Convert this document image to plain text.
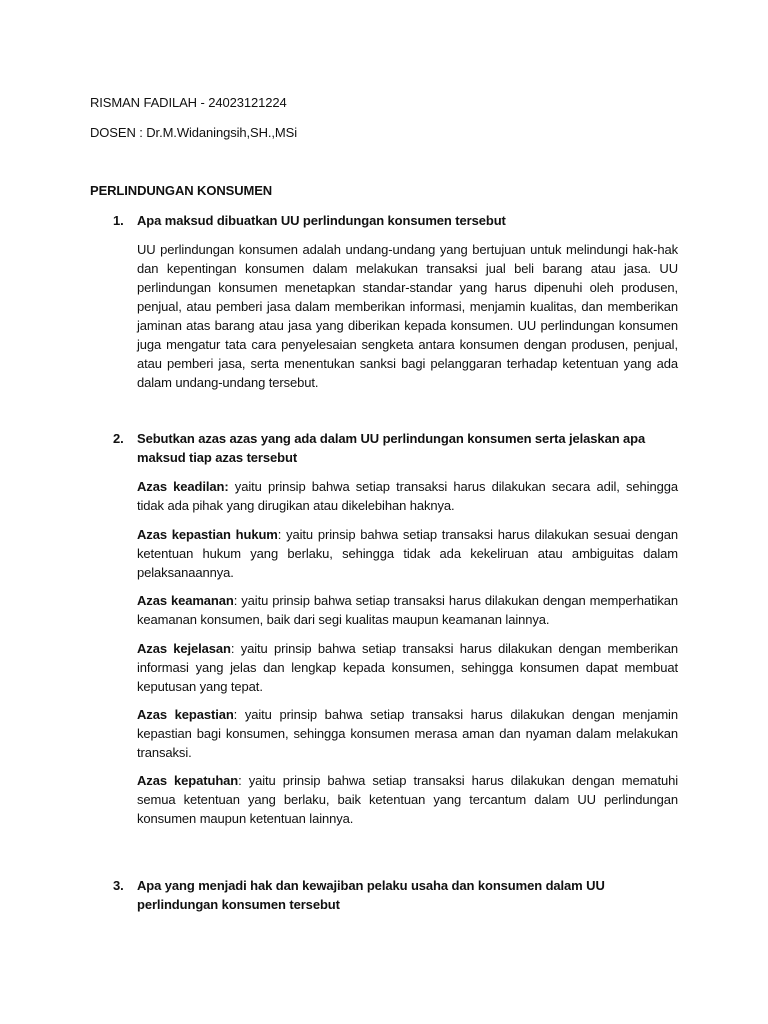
RISMAN FADILAH - 24023121224
DOSEN : Dr.M.Widaningsih,SH.,MSi
PERLINDUNGAN KONSUMEN
1. Apa maksud dibuatkan UU perlindungan konsumen tersebut
UU perlindungan konsumen adalah undang-undang yang bertujuan untuk melindungi hak-hak dan kepentingan konsumen dalam melakukan transaksi jual beli barang atau jasa. UU perlindungan konsumen menetapkan standar-standar yang harus dipenuhi oleh produsen, penjual, atau pemberi jasa dalam memberikan informasi, menjamin kualitas, dan memberikan jaminan atas barang atau jasa yang diberikan kepada konsumen. UU perlindungan konsumen juga mengatur tata cara penyelesaian sengketa antara konsumen dengan produsen, penjual, atau pemberi jasa, serta menentukan sanksi bagi pelanggaran terhadap ketentuan yang ada dalam undang-undang tersebut.
2. Sebutkan azas azas yang ada dalam UU perlindungan konsumen serta jelaskan apa maksud tiap azas tersebut
Azas keadilan: yaitu prinsip bahwa setiap transaksi harus dilakukan secara adil, sehingga tidak ada pihak yang dirugikan atau dikelebihan haknya.
Azas kepastian hukum: yaitu prinsip bahwa setiap transaksi harus dilakukan sesuai dengan ketentuan hukum yang berlaku, sehingga tidak ada kekeliruan atau ambiguitas dalam pelaksanaannya.
Azas keamanan: yaitu prinsip bahwa setiap transaksi harus dilakukan dengan memperhatikan keamanan konsumen, baik dari segi kualitas maupun keamanan lainnya.
Azas kejelasan: yaitu prinsip bahwa setiap transaksi harus dilakukan dengan memberikan informasi yang jelas dan lengkap kepada konsumen, sehingga konsumen dapat membuat keputusan yang tepat.
Azas kepastian: yaitu prinsip bahwa setiap transaksi harus dilakukan dengan menjamin kepastian bagi konsumen, sehingga konsumen merasa aman dan nyaman dalam melakukan transaksi.
Azas kepatuhan: yaitu prinsip bahwa setiap transaksi harus dilakukan dengan mematuhi semua ketentuan yang berlaku, baik ketentuan yang tercantum dalam UU perlindungan konsumen maupun ketentuan lainnya.
3. Apa yang menjadi hak dan kewajiban pelaku usaha dan konsumen dalam UU perlindungan konsumen tersebut
